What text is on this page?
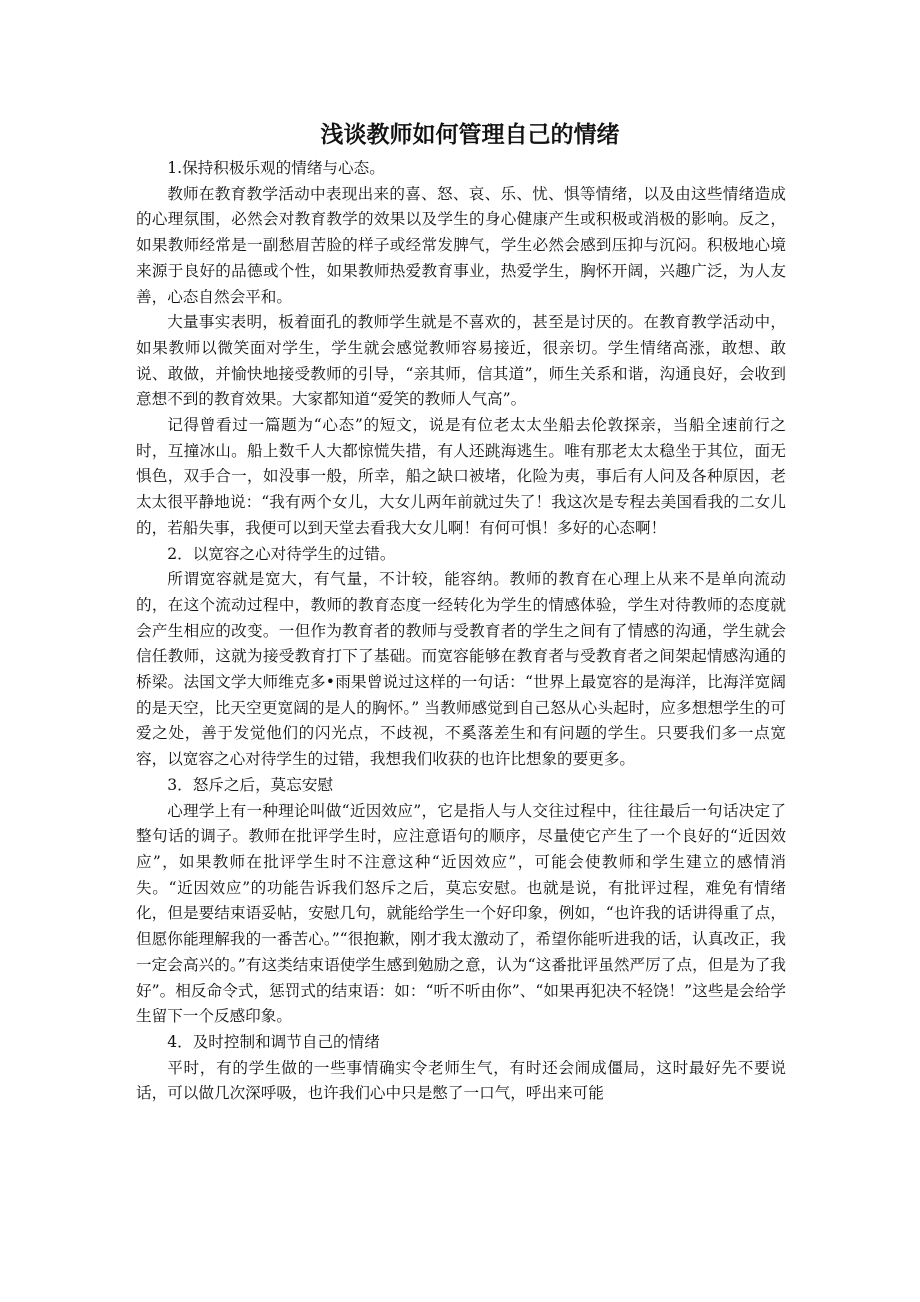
浅谈教师如何管理自己的情绪

1.保持积极乐观的情绪与心态。

教师在教育教学活动中表现出来的喜、怒、哀、乐、忧、惧等情绪，以及由这些情绪造成的心理氛围，必然会对教育教学的效果以及学生的身心健康产生或积极或消极的影响。反之，如果教师经常是一副愁眉苦脸的样子或经常发脾气，学生必然会感到压抑与沉闷。积极地心境来源于良好的品德或个性，如果教师热爱教育事业，热爱学生，胸怀开阔，兴趣广泛，为人友善，心态自然会平和。

大量事实表明，板着面孔的教师学生就是不喜欢的，甚至是讨厌的。在教育教学活动中，如果教师以微笑面对学生，学生就会感觉教师容易接近，很亲切。学生情绪高涨，敢想、敢说、敢做，并愉快地接受教师的引导，“亲其师，信其道”，师生关系和谐，沟通良好，会收到意想不到的教育效果。大家都知道“爱笑的教师人气高”。

记得曾看过一篇题为“心态”的短文，说是有位老太太坐船去伦敦探亲，当船全速前行之时，互撞冰山。船上数千人大都惊慌失措，有人还跳海逃生。唯有那老太太稳坐于其位，面无惧色，双手合一，如没事一般，所幸，船之缺口被堵，化险为夷，事后有人问及各种原因，老太太很平静地说：“我有两个女儿，大女儿两年前就过失了！我这次是专程去美国看我的二女儿的，若船失事，我便可以到天堂去看我大女儿啊！有何可惧！多好的心态啊！

2．以宽容之心对待学生的过错。

所谓宽容就是宽大，有气量，不计较，能容纳。教师的教育在心理上从来不是单向流动的，在这个流动过程中，教师的教育态度一经转化为学生的情感体验，学生对待教师的态度就会产生相应的改变。一但作为教育者的教师与受教育者的学生之间有了情感的沟通，学生就会信任教师，这就为接受教育打下了基础。而宽容能够在教育者与受教育者之间架起情感沟通的桥梁。法国文学大师维克多•雨果曾说过这样的一句话：“世界上最宽容的是海洋，比海洋宽阔的是天空，比天空更宽阔的是人的胸怀。” 当教师感觉到自己怒从心头起时，应多想想学生的可爱之处，善于发觉他们的闪光点，不歧视，不奚落差生和有问题的学生。只要我们多一点宽容，以宽容之心对待学生的过错，我想我们收获的也许比想象的要更多。

3．怒斥之后，莫忘安慰

心理学上有一种理论叫做“近因效应”，它是指人与人交往过程中，往往最后一句话决定了整句话的调子。教师在批评学生时，应注意语句的顺序，尽量使它产生了一个良好的“近因效应”，如果教师在批评学生时不注意这种“近因效应”，可能会使教师和学生建立的感情消失。“近因效应”的功能告诉我们怒斥之后，莫忘安慰。也就是说，有批评过程，难免有情绪化，但是要结束语妥帖，安慰几句，就能给学生一个好印象，例如，“也许我的话讲得重了点，但愿你能理解我的一番苦心。”“很抱歉，刚才我太激动了，希望你能听进我的话，认真改正，我一定会高兴的。”有这类结束语使学生感到勉励之意，认为“这番批评虽然严厉了点，但是为了我好”。相反命令式，惩罚式的结束语：如：“听不听由你”、“如果再犯决不轻饶！”这些是会给学生留下一个反感印象。

4．及时控制和调节自己的情绪

平时，有的学生做的一些事情确实令老师生气，有时还会闹成僵局，这时最好先不要说话，可以做几次深呼吸，也许我们心中只是憋了一口气，呼出来可能
